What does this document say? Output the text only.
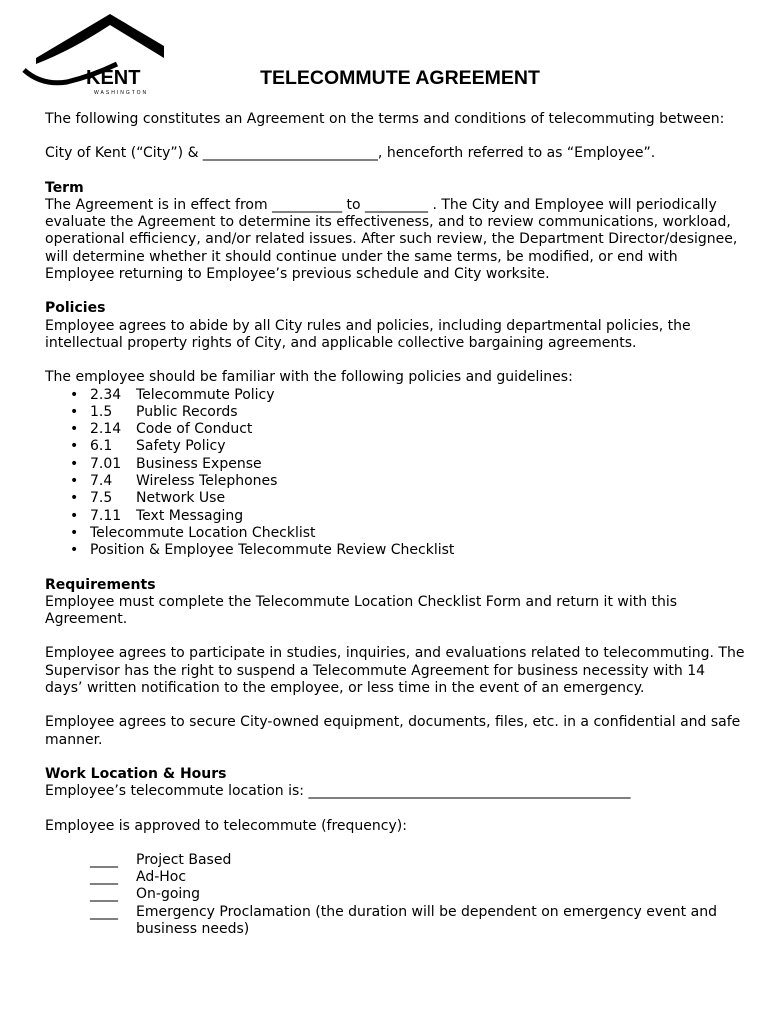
KENT
WASHINGTON
TELECOMMUTE AGREEMENT

The following constitutes an Agreement on the terms and conditions of telecommuting between:

City of Kent (“City”) & _________________________, henceforth referred to as “Employee”.

Term

The Agreement is in effect from __________ to _________ . The City and Employee will periodically evaluate the Agreement to determine its effectiveness, and to review communications, workload, operational efficiency, and/or related issues. After such review, the Department Director/designee, will determine whether it should continue under the same terms, be modified, or end with Employee returning to Employee’s previous schedule and City worksite.

Policies

Employee agrees to abide by all City rules and policies, including departmental policies, the intellectual property rights of City, and applicable collective bargaining agreements.

The employee should be familiar with the following policies and guidelines:

• 2.34 Telecommute Policy
• 1.5 Public Records
• 2.14 Code of Conduct
• 6.1 Safety Policy
• 7.01 Business Expense
• 7.4 Wireless Telephones
• 7.5 Network Use
• 7.11 Text Messaging
• Telecommute Location Checklist
• Position & Employee Telecommute Review Checklist

Requirements

Employee must complete the Telecommute Location Checklist Form and return it with this Agreement.

Employee agrees to participate in studies, inquiries, and evaluations related to telecommuting. The Supervisor has the right to suspend a Telecommute Agreement for business necessity with 14 days’ written notification to the employee, or less time in the event of an emergency.

Employee agrees to secure City-owned equipment, documents, files, etc. in a confidential and safe manner.

Work Location & Hours

Employee’s telecommute location is: ______________________________________________

Employee is approved to telecommute (frequency):

____	Project Based
____	Ad-Hoc
____	On-going
____	Emergency Proclamation (the duration will be dependent on emergency event and business needs)
